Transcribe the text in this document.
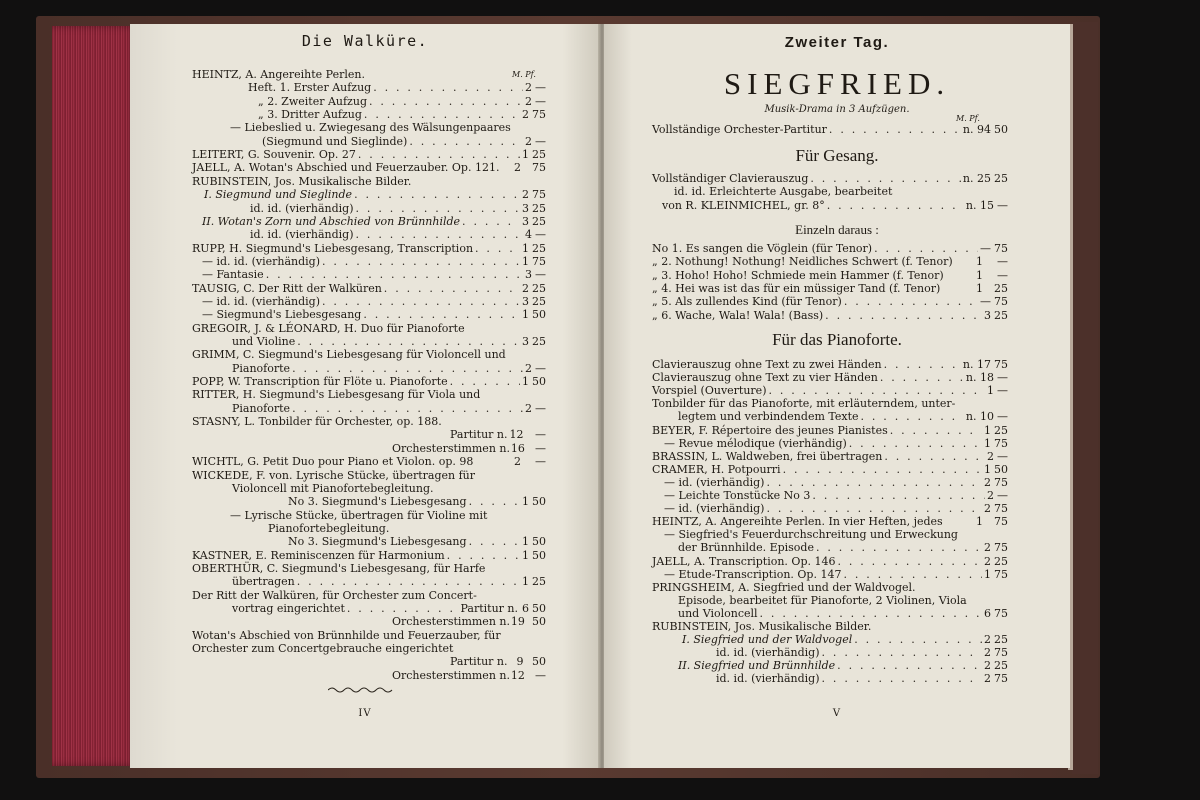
Die Walküre.
M. Pf.
HEINTZ, A. Angereihte Perlen.
Heft. 1. Erster Aufzug . . .	2 —
„ 2. Zweiter Aufzug . . .	2 —
„ 3. Dritter Aufzug . . .	2 75
— Liebeslied u. Zwiegesang des Wälsungenpaares
(Siegmund und Sieglinde) . . .	2 —
LEITERT, G. Souvenir. Op. 27 . . .	1 25
JAELL, A. Wotan's Abschied und Feuerzauber. Op. 121.	2	75
RUBINSTEIN, Jos. Musikalische Bilder.
I. Siegmund und Sieglinde . . .	2 75
id. id. (vierhändig) . . .	3 25
II. Wotan's Zorn und Abschied von Brünnhilde . . .	3 25
id. id. (vierhändig) . . .	4 —
RUPP, H. Siegmund's Liebesgesang, Transcription . . .	1 25
— id. id. (vierhändig) . . .	1 75
— Fantasie . . .	3 —
TAUSIG, C. Der Ritt der Walküren . . .	2 25
— id. id. (vierhändig) . . .	3 25
— Siegmund's Liebesgesang . . .	1 50
GREGOIR, J. & LÉONARD, H. Duo für Pianoforte
und Violine . . .	3 25
GRIMM, C. Siegmund's Liebesgesang für Violoncell und
Pianoforte . . .	2 —
POPP, W. Transcription für Flöte u. Pianoforte . . .	1 50
RITTER, H. Siegmund's Liebesgesang für Viola und
Pianoforte . . .	2 —
STASNY, L. Tonbilder für Orchester, op. 188.
Partitur n. 12	—
Orchesterstimmen n. 16 —
WICHTL, G. Petit Duo pour Piano et Violon. op. 98	2	—
WICKEDE, F. von. Lyrische Stücke, übertragen für
Violoncell mit Pianofortebegleitung.
No 3. Siegmund's Liebesgesang . . .	1 50
— Lyrische Stücke, übertragen für Violine mit
Pianofortebegleitung.
No 3. Siegmund's Liebesgesang . . .	1 50
KASTNER, E. Reminiscenzen für Harmonium . . .	1 50
OBERTHÜR, C. Siegmund's Liebesgesang, für Harfe
übertragen . . .	1 25
Der Ritt der Walküren, für Orchester zum Concert-
vortrag eingerichtet . . .	Partitur n. 6 50
Orchesterstimmen n. 19 50
Wotan's Abschied von Brünnhilde und Feuerzauber, für
Orchester zum Concertgebrauche eingerichtet
Partitur n. 9 50
Orchesterstimmen n. 12 —
IV
Zweiter Tag.
SIEGFRIED.
Musik-Drama in 3 Aufzügen.
M. Pf.
Vollständige Orchester-Partitur . . .	n. 94 50
Für Gesang.
Vollständiger Clavierauszug . . .	n. 25 25
id. id. Erleichterte Ausgabe, bearbeitet
von R. KLEINMICHEL, gr. 8° . . .	n. 15 —
Einzeln daraus :
No 1. Es sangen die Vöglein (für Tenor) . . .	— 75
„ 2. Nothung! Nothung! Neidliches Schwert (f. Tenor)	1	—
„ 3. Hoho! Hoho! Schmiede mein Hammer (f. Tenor)	1	—
„ 4. Hei was ist das für ein müssiger Tand (f. Tenor)	1	25
„ 5. Als zullendes Kind (für Tenor) . . .	— 75
„ 6. Wache, Wala! Wala! (Bass) . . .	3 25
Für das Pianoforte.
Clavierauszug ohne Text zu zwei Händen . . .	n. 17 75
Clavierauszug ohne Text zu vier Händen . . .	n. 18 —
Vorspiel (Ouverture) . . .	1 —
Tonbilder für das Pianoforte, mit erläuterndem, unter-
legtem und verbindendem Texte . . .	n. 10 —
BEYER, F. Répertoire des jeunes Pianistes . . .	1 25
— Revue mélodique (vierhändig) . . .	1 75
BRASSIN, L. Waldweben, frei übertragen . . .	2 —
CRAMER, H. Potpourri . . .	1 50
— id. (vierhändig) . . .	2 75
— Leichte Tonstücke No 3 . . .	2 —
— id. (vierhändig) . . .	2 75
HEINTZ, A. Angereihte Perlen. In vier Heften, jedes	1	75
— Siegfried's Feuerdurchschreitung und Erweckung
der Brünnhilde. Episode . . .	2 75
JAELL, A. Transcription. Op. 146 . . .	2 25
— Etude-Transcription. Op. 147 . . .	1 75
PRINGSHEIM, A. Siegfried und der Waldvogel.
Episode, bearbeitet für Pianoforte, 2 Violinen, Viola
und Violoncell . . .	6 75
RUBINSTEIN, Jos. Musikalische Bilder.
I. Siegfried und der Waldvogel . . .	2 25
id. id. (vierhändig) . . .	2 75
II. Siegfried und Brünnhilde . . .	2 25
id. id. (vierhändig) . . .	2 75
V
